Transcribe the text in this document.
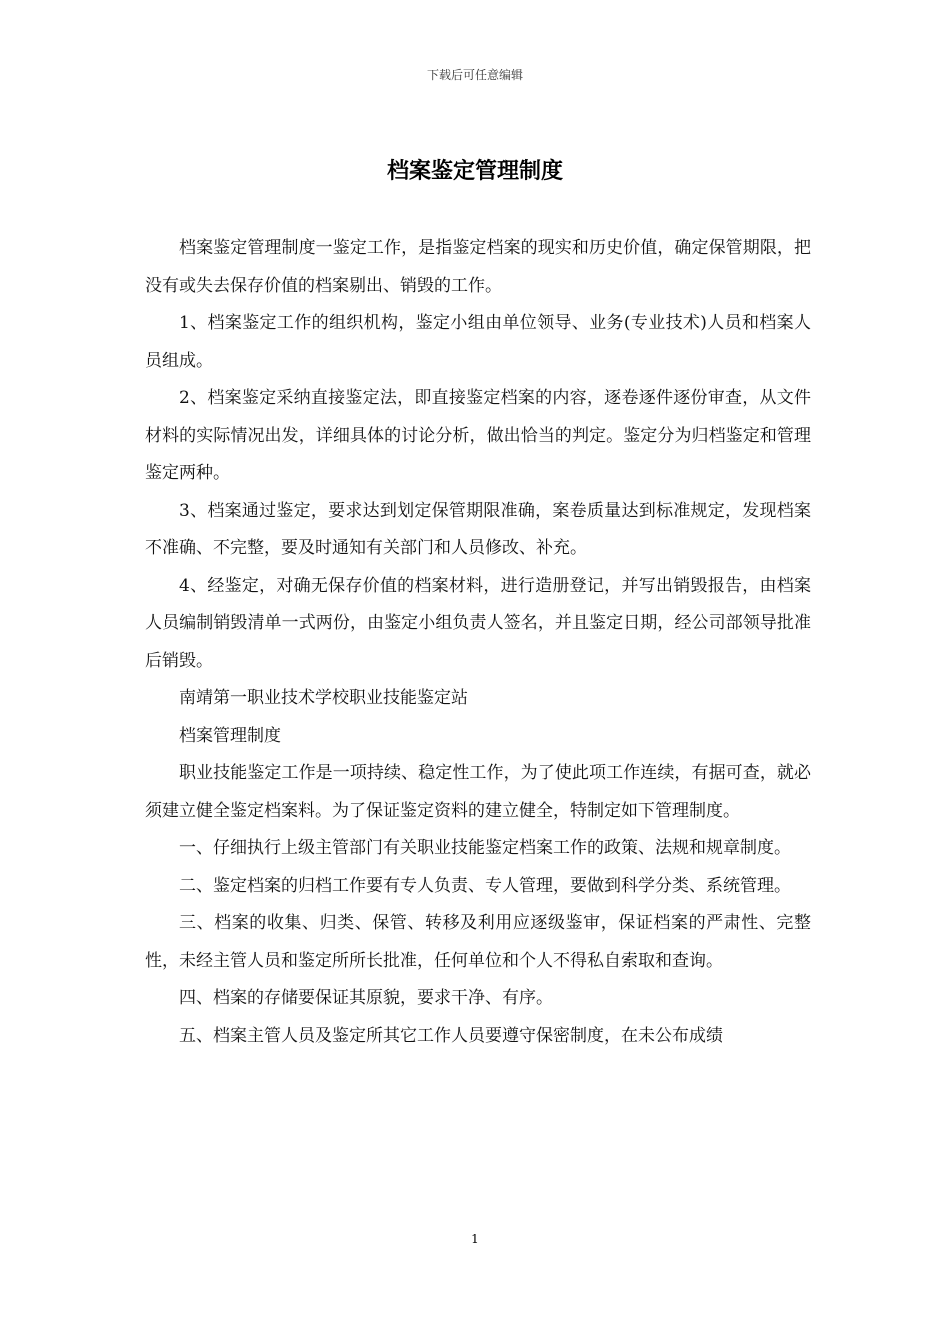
下载后可任意编辑
档案鉴定管理制度

档案鉴定管理制度一鉴定工作，是指鉴定档案的现实和历史价值，确定保管期限，把没有或失去保存价值的档案剔出、销毁的工作。

1、档案鉴定工作的组织机构，鉴定小组由单位领导、业务(专业技术)人员和档案人员组成。

2、档案鉴定采纳直接鉴定法，即直接鉴定档案的内容，逐卷逐件逐份审查，从文件材料的实际情况出发，详细具体的讨论分析，做出恰当的判定。鉴定分为归档鉴定和管理鉴定两种。

3、档案通过鉴定，要求达到划定保管期限准确，案卷质量达到标准规定，发现档案不准确、不完整，要及时通知有关部门和人员修改、补充。

4、经鉴定，对确无保存价值的档案材料，进行造册登记，并写出销毁报告，由档案人员编制销毁清单一式两份，由鉴定小组负责人签名，并且鉴定日期，经公司部领导批准后销毁。

南靖第一职业技术学校职业技能鉴定站

档案管理制度

职业技能鉴定工作是一项持续、稳定性工作，为了使此项工作连续，有据可查，就必须建立健全鉴定档案料。为了保证鉴定资料的建立健全，特制定如下管理制度。

一、仔细执行上级主管部门有关职业技能鉴定档案工作的政策、法规和规章制度。

二、鉴定档案的归档工作要有专人负责、专人管理，要做到科学分类、系统管理。

三、档案的收集、归类、保管、转移及利用应逐级鉴审，保证档案的严肃性、完整性，未经主管人员和鉴定所所长批准，任何单位和个人不得私自索取和查询。

四、档案的存储要保证其原貌，要求干净、有序。

五、档案主管人员及鉴定所其它工作人员要遵守保密制度，在未公布成绩

1
